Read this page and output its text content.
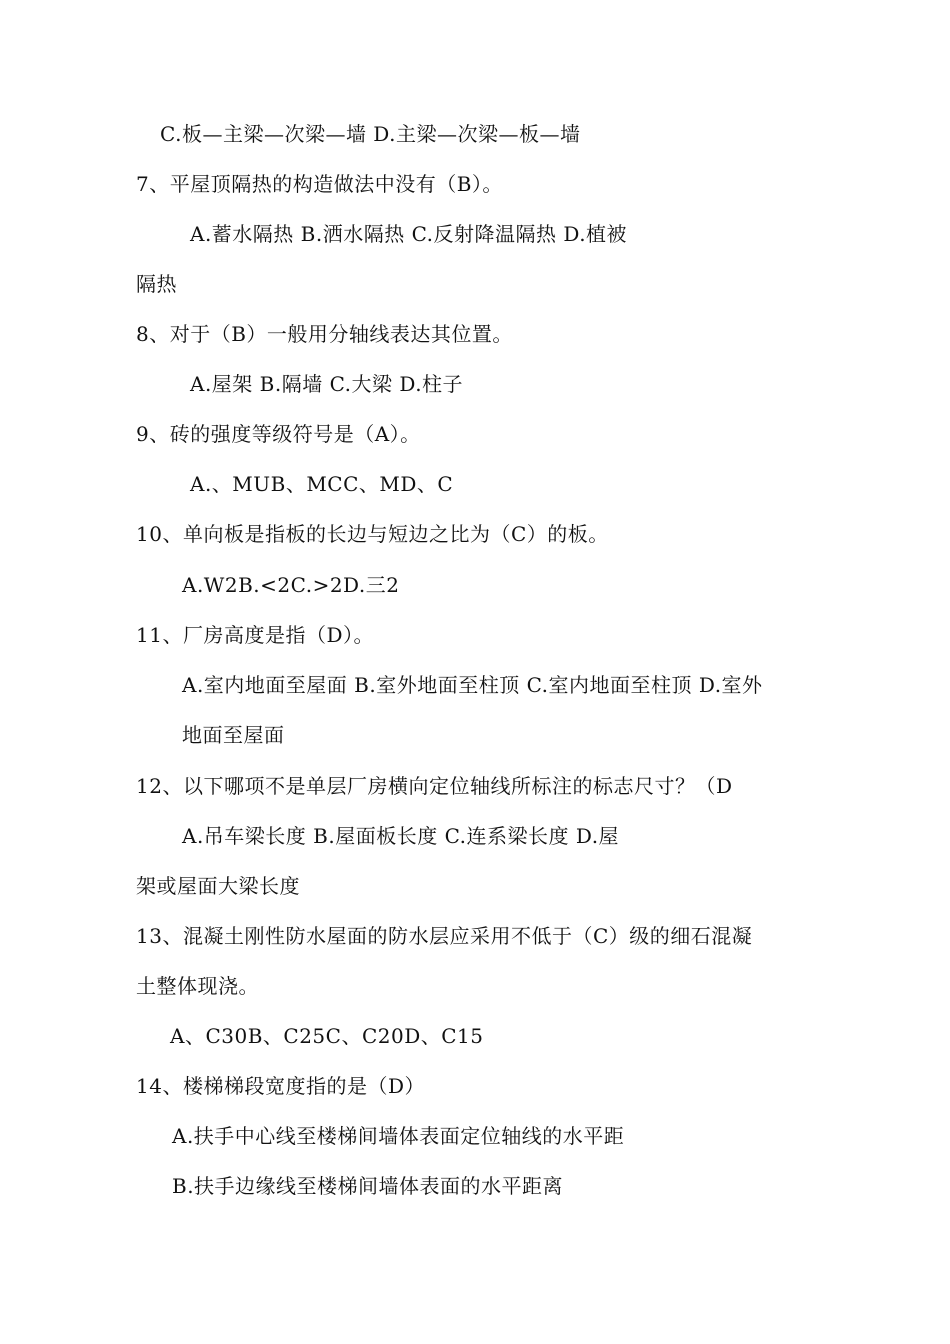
C.板—主梁—次梁—墙 D.主梁—次梁—板—墙
7、平屋顶隔热的构造做法中没有（B）。
A.蓄水隔热 B.洒水隔热 C.反射降温隔热 D.植被
隔热
8、对于（B）一般用分轴线表达其位置。
A.屋架 B.隔墙 C.大梁 D.柱子
9、砖的强度等级符号是（A）。
A.、MUB、MCC、MD、C
10、单向板是指板的长边与短边之比为（C）的板。
A.W2B.<2C.>2D.三2
11、厂房高度是指（D）。
A.室内地面至屋面 B.室外地面至柱顶 C.室内地面至柱顶 D.室外
地面至屋面
12、以下哪项不是单层厂房横向定位轴线所标注的标志尺寸？（D
A.吊车梁长度 B.屋面板长度 C.连系梁长度 D.屋
架或屋面大梁长度
13、混凝土刚性防水屋面的防水层应采用不低于（C）级的细石混凝
土整体现浇。
A、C30B、C25C、C20D、C15
14、楼梯梯段宽度指的是（D）
A.扶手中心线至楼梯间墙体表面定位轴线的水平距
B.扶手边缘线至楼梯间墙体表面的水平距离
